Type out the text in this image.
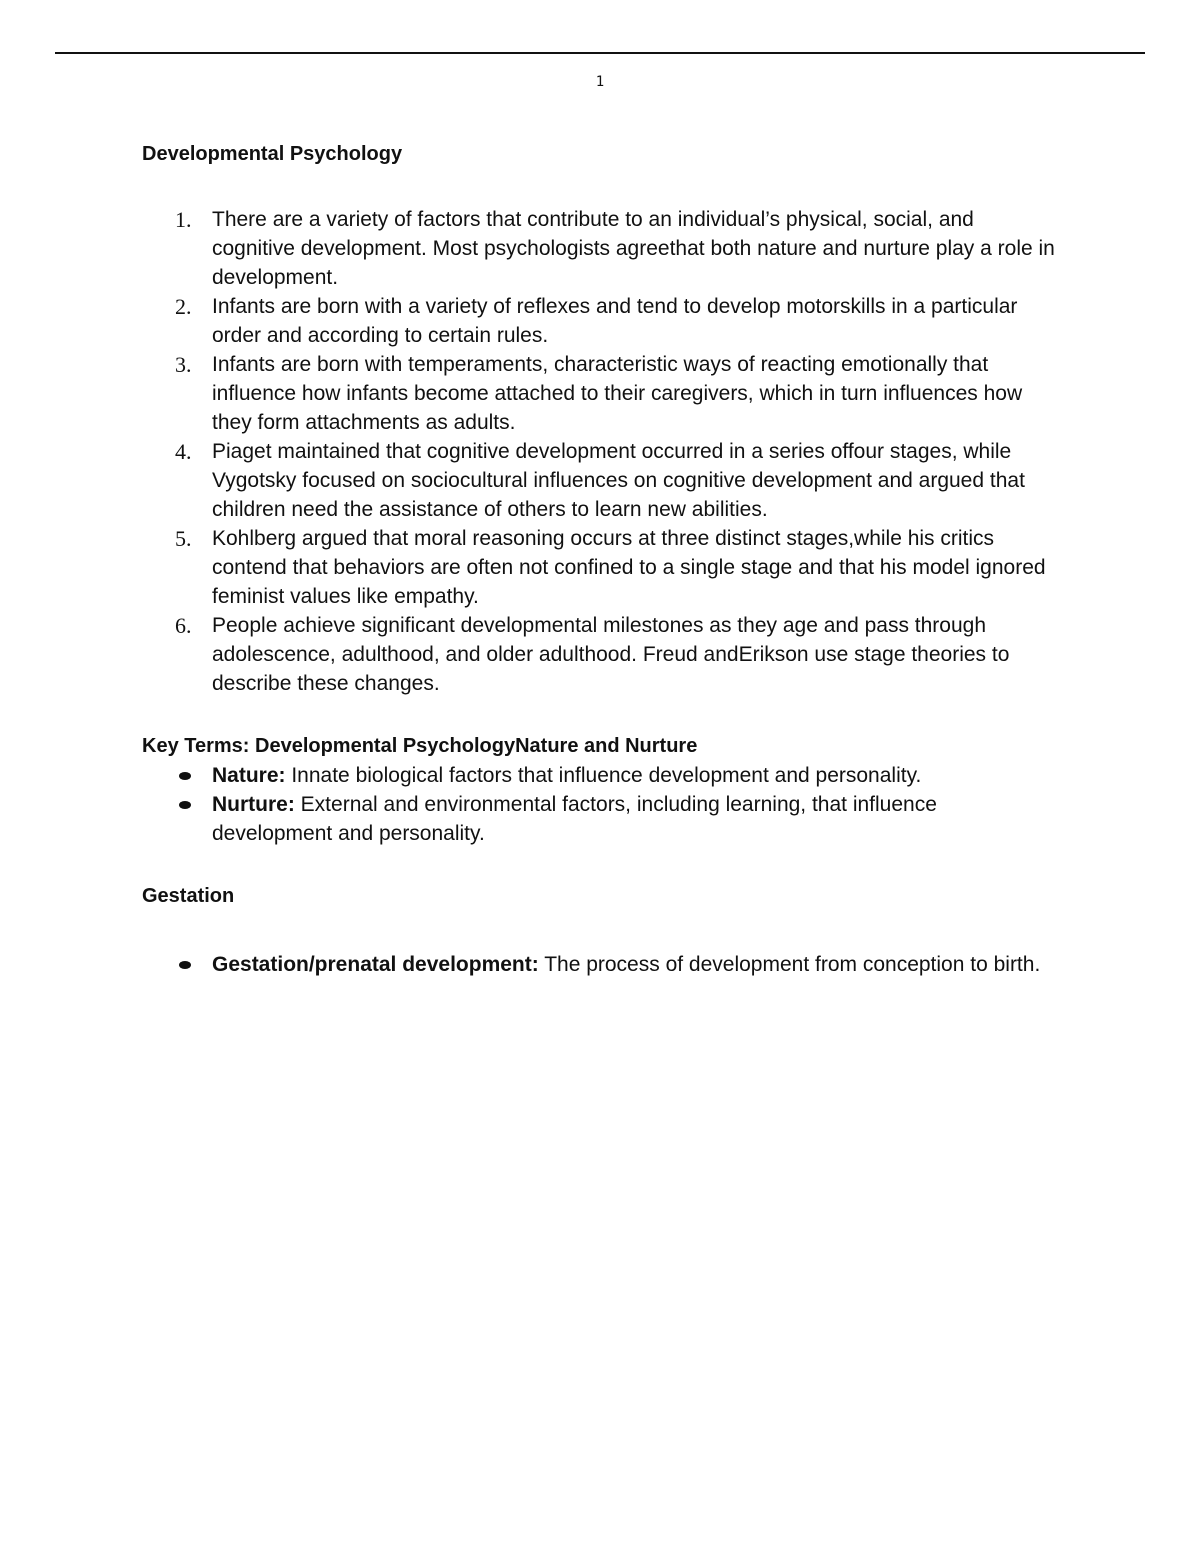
1
Developmental Psychology
1. There are a variety of factors that contribute to an individual’s physical, social, and cognitive development. Most psychologists agreethat both nature and nurture play a role in development.
2. Infants are born with a variety of reflexes and tend to develop motorskills in a particular order and according to certain rules.
3. Infants are born with temperaments, characteristic ways of reacting emotionally that influence how infants become attached to their caregivers, which in turn influences how they form attachments as adults.
4. Piaget maintained that cognitive development occurred in a series offour stages, while Vygotsky focused on sociocultural influences on cognitive development and argued that children need the assistance of others to learn new abilities.
5. Kohlberg argued that moral reasoning occurs at three distinct stages,while his critics contend that behaviors are often not confined to a single stage and that his model ignored feminist values like empathy.
6. People achieve significant developmental milestones as they age and pass through adolescence, adulthood, and older adulthood. Freud andErikson use stage theories to describe these changes.
Key Terms: Developmental PsychologyNature and Nurture
Nature: Innate biological factors that influence development and personality.
Nurture: External and environmental factors, including learning, that influence development and personality.
Gestation
Gestation/prenatal development: The process of development from conception to birth.
